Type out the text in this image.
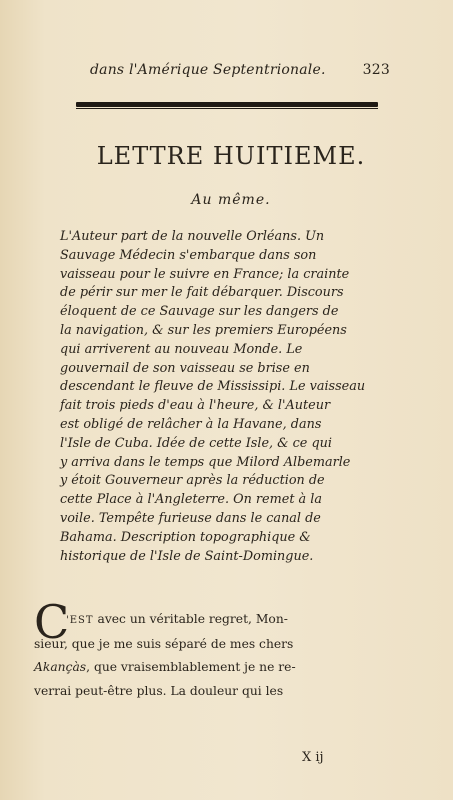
dans l'Amérique Septentrionale.	323
LETTRE HUITIEME.
Au même.
L'Auteur part de la nouvelle Orléans. Un
Sauvage Médecin s'embarque dans son
vaisseau pour le suivre en France; la crainte
de périr sur mer le fait débarquer. Discours
éloquent de ce Sauvage sur les dangers de
la navigation, & sur les premiers Européens
qui arriverent au nouveau Monde. Le
gouvernail de son vaisseau se brise en
descendant le fleuve de Mississipi. Le vaisseau
fait trois pieds d'eau à l'heure, & l'Auteur
est obligé de relâcher à la Havane, dans
l'Isle de Cuba. Idée de cette Isle, & ce qui
y arriva dans le temps que Milord Albemarle
y étoit Gouverneur après la réduction de
cette Place à l'Angleterre. On remet à la
voile. Tempête furieuse dans le canal de
Bahama. Description topographique &
historique de l'Isle de Saint-Domingue.
C
'EST avec un véritable regret, Mon-
sieur, que je me suis séparé de mes chers
Akançàs, que vraisemblablement je ne re-
verrai peut-être plus. La douleur qui les
X ij
